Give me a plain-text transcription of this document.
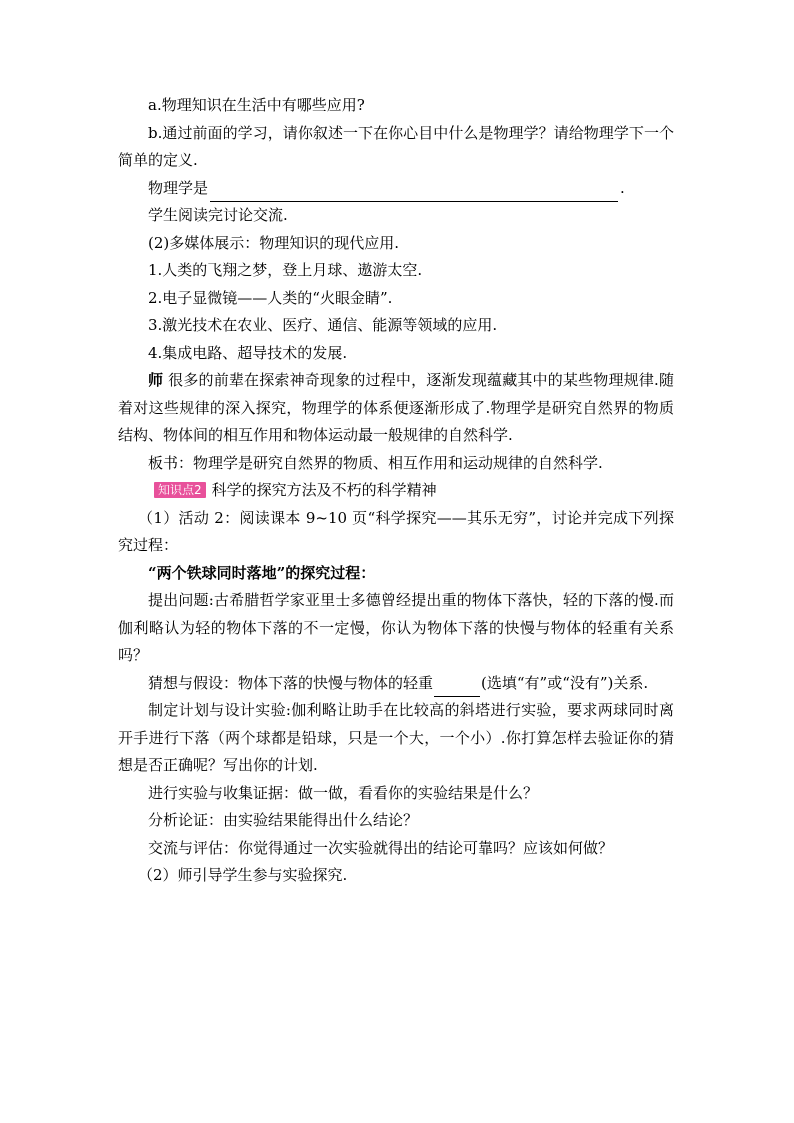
a.物理知识在生活中有哪些应用?

b.通过前面的学习，请你叙述一下在你心目中什么是物理学？请给物理学下一个简单的定义.

物理学是	.

学生阅读完讨论交流.

(2)多媒体展示：物理知识的现代应用.

1.人类的飞翔之梦，登上月球、遨游太空.

2.电子显微镜——人类的“火眼金睛”.

3.激光技术在农业、医疗、通信、能源等领域的应用.

4.集成电路、超导技术的发展.

师 很多的前辈在探索神奇现象的过程中，逐渐发现蕴藏其中的某些物理规律.随着对这些规律的深入探究，物理学的体系便逐渐形成了.物理学是研究自然界的物质结构、物体间的相互作用和物体运动最一般规律的自然科学.

板书：物理学是研究自然界的物质、相互作用和运动规律的自然科学.

知识点2 科学的探究方法及不朽的科学精神

（1）活动 2：阅读课本 9~10 页“科学探究——其乐无穷”，讨论并完成下列探究过程：

“两个铁球同时落地”的探究过程：

提出问题:古希腊哲学家亚里士多德曾经提出重的物体下落快，轻的下落的慢.而伽利略认为轻的物体下落的不一定慢，你认为物体下落的快慢与物体的轻重有关系吗？

猜想与假设：物体下落的快慢与物体的轻重	(选填“有”或“没有”)关系.

制定计划与设计实验:伽利略让助手在比较高的斜塔进行实验，要求两球同时离开手进行下落（两个球都是铅球，只是一个大，一个小）.你打算怎样去验证你的猜想是否正确呢？写出你的计划.

进行实验与收集证据：做一做，看看你的实验结果是什么？

分析论证：由实验结果能得出什么结论？

交流与评估：你觉得通过一次实验就得出的结论可靠吗？应该如何做？

（2）师引导学生参与实验探究.
